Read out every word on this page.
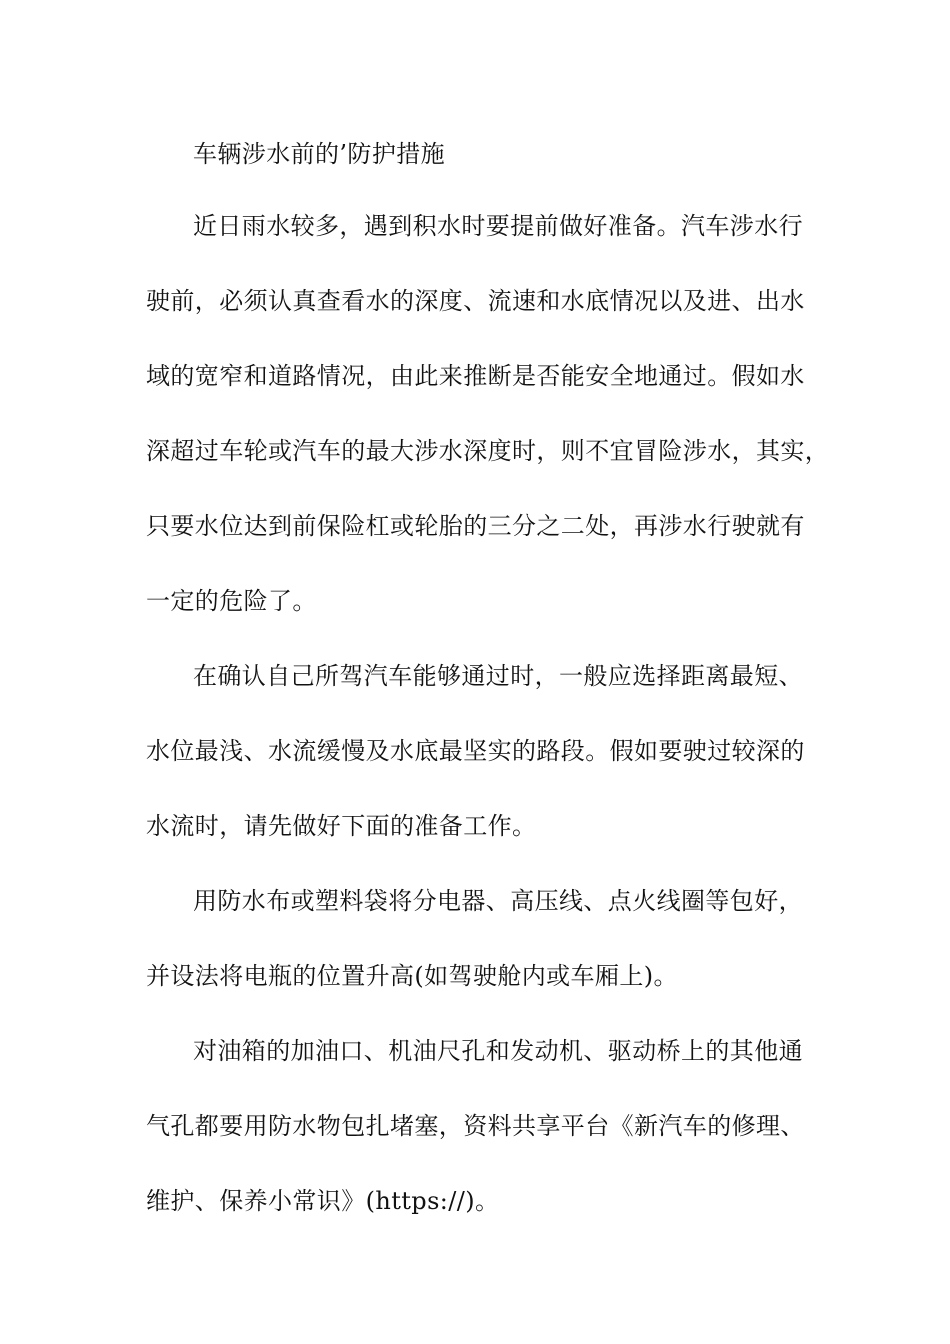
车辆涉水前的’防护措施

近日雨水较多，遇到积水时要提前做好准备。汽车涉水行

驶前，必须认真查看水的深度、流速和水底情况以及进、出水

域的宽窄和道路情况，由此来推断是否能安全地通过。假如水

深超过车轮或汽车的最大涉水深度时，则不宜冒险涉水，其实，

只要水位达到前保险杠或轮胎的三分之二处，再涉水行驶就有

一定的危险了。

在确认自己所驾汽车能够通过时，一般应选择距离最短、

水位最浅、水流缓慢及水底最坚实的路段。假如要驶过较深的

水流时，请先做好下面的准备工作。

用防水布或塑料袋将分电器、高压线、点火线圈等包好，

并设法将电瓶的位置升高(如驾驶舱内或车厢上)。

对油箱的加油口、机油尺孔和发动机、驱动桥上的其他通

气孔都要用防水物包扎堵塞，资料共享平台《新汽车的修理、

维护、保养小常识》(https://)。
